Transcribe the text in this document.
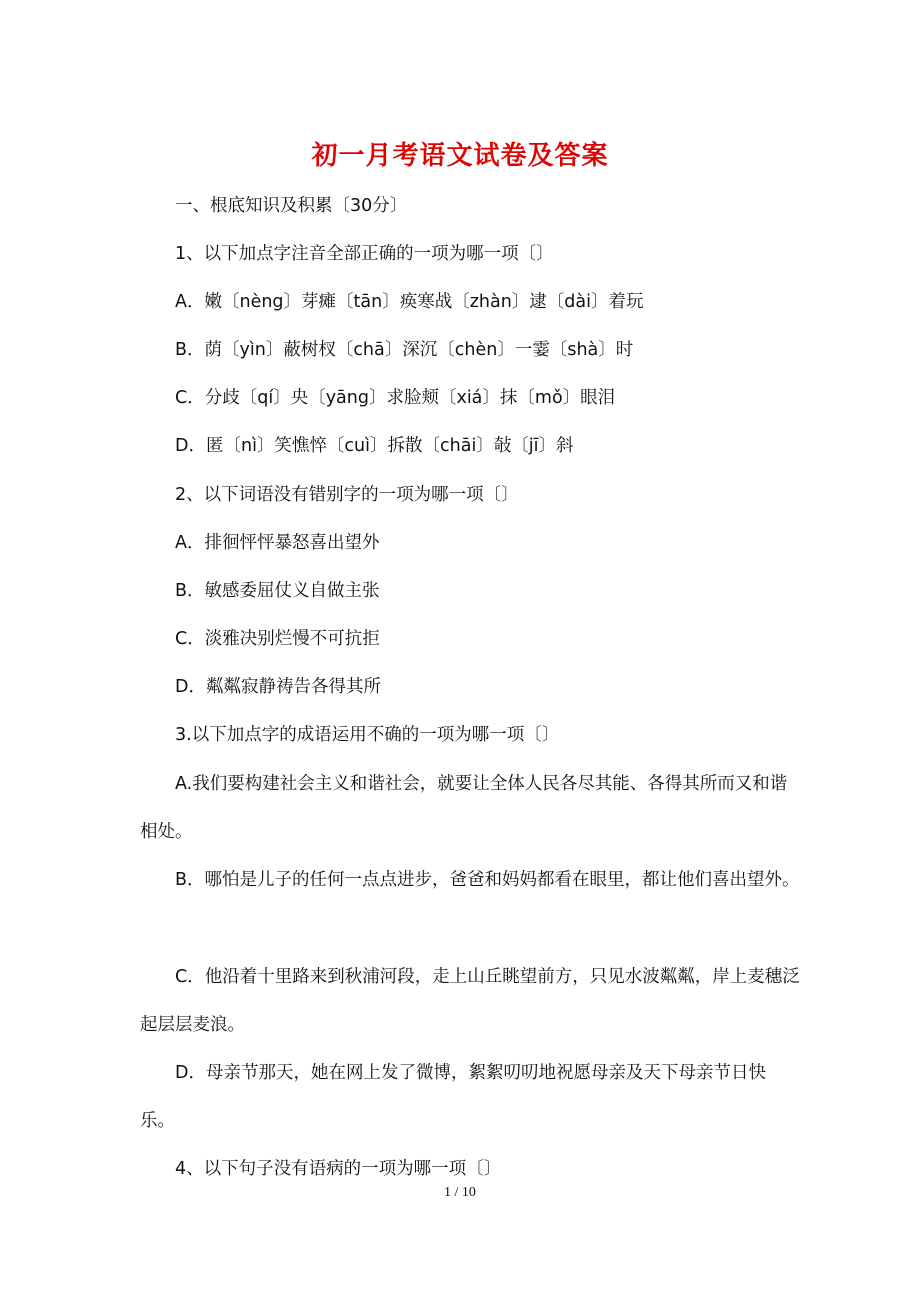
初一月考语文试卷及答案
一、根底知识及积累〔30分〕
1、以下加点字注音全部正确的一项为哪一项〔〕
A．嫩〔nèng〕芽瘫〔tān〕痪寒战〔zhàn〕逮〔dài〕着玩
B．荫〔yìn〕蔽树杈〔chā〕深沉〔chèn〕一霎〔shà〕时
C．分歧〔qí〕央〔yāng〕求脸颊〔xiá〕抹〔mǒ〕眼泪
D．匿〔nì〕笑憔悴〔cuì〕拆散〔chāi〕敧〔jī〕斜
2、以下词语没有错别字的一项为哪一项〔〕
A．排徊怦怦暴怒喜出望外
B．敏感委屈仗义自做主张
C．淡雅决别烂慢不可抗拒
D．粼粼寂静祷告各得其所
3.以下加点字的成语运用不确的一项为哪一项〔〕
A.我们要构建社会主义和谐社会，就要让全体人民各尽其能、各得其所而又和谐相处。
B．哪怕是儿子的任何一点点进步，爸爸和妈妈都看在眼里，都让他们喜出望外。
C．他沿着十里路来到秋浦河段，走上山丘眺望前方，只见水波粼粼，岸上麦穗泛起层层麦浪。
D．母亲节那天，她在网上发了微博，絮絮叨叨地祝愿母亲及天下母亲节日快乐。
4、以下句子没有语病的一项为哪一项〔〕
1 / 10
